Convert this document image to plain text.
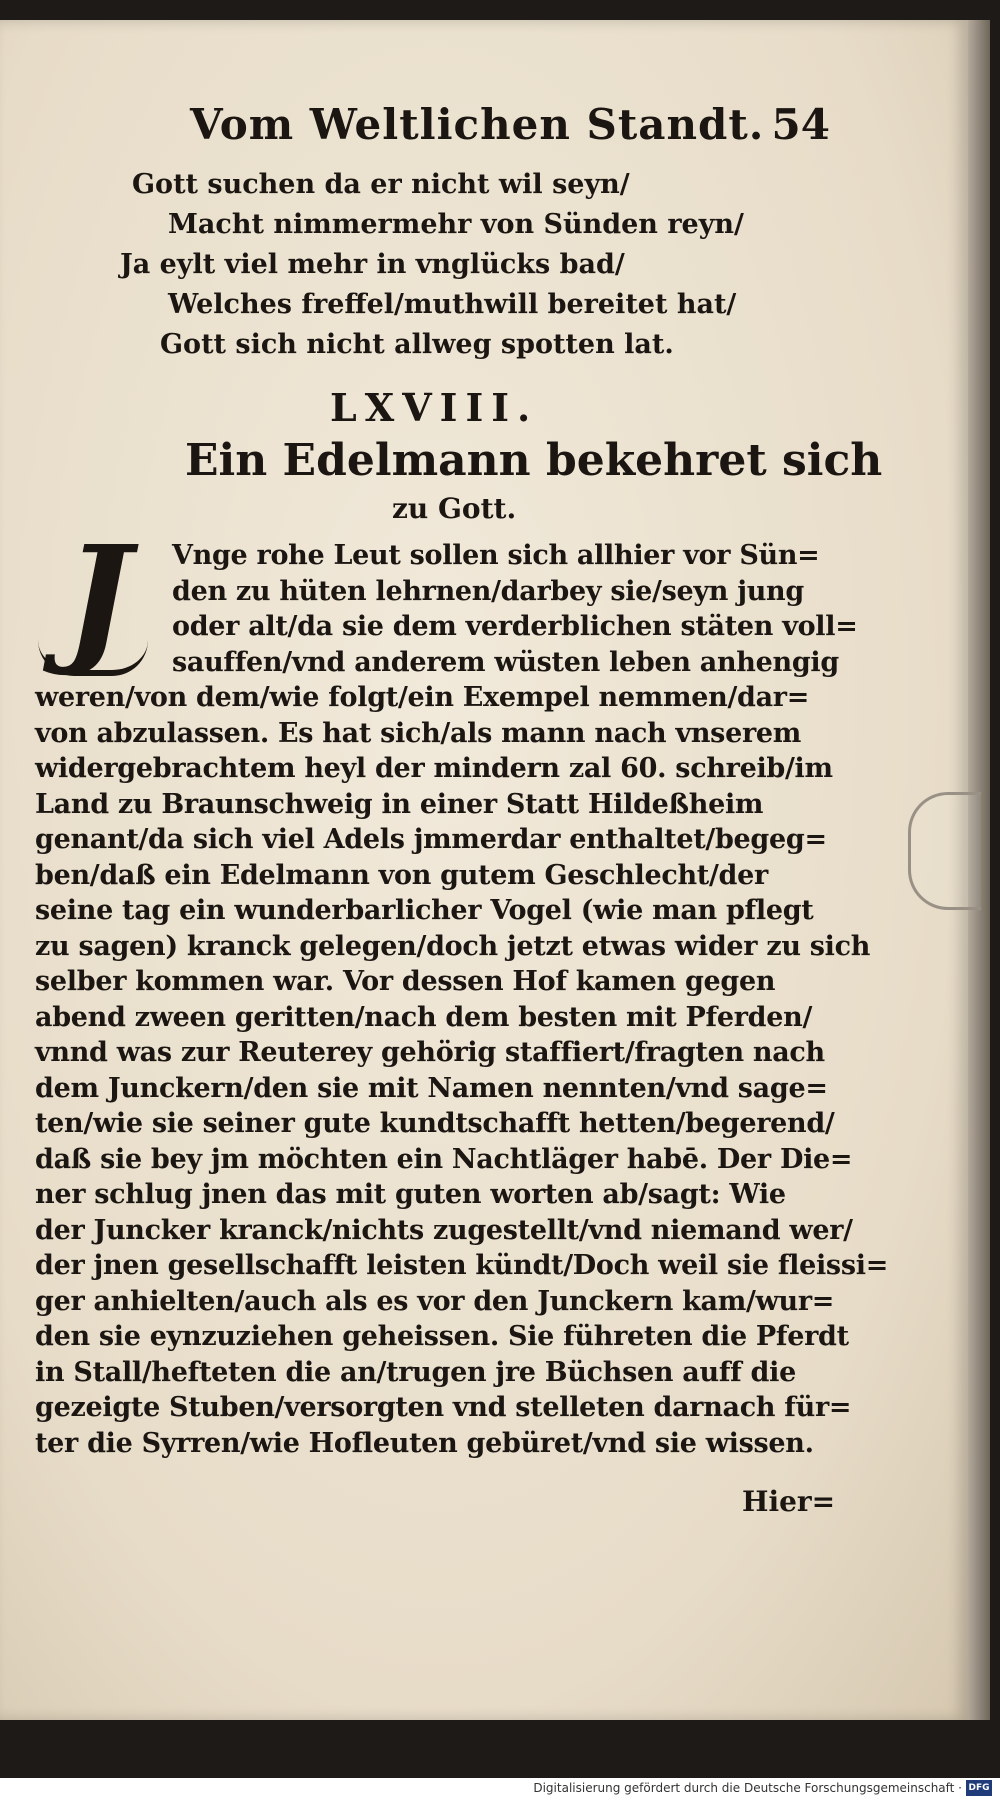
Vom Weltlichen Standt. 54
Gott suchen da er nicht wil seyn/
Macht nimmermehr von Sünden reyn/
Ja eylt viel mehr in vnglücks bad/
Welches freffel/muthwill bereitet hat/
Gott sich nicht allweg spotten lat.
LXVIII.
Ein Edelmann bekehret sich
zu Gott.
J	Vnge rohe Leut sollen sich allhier vor Sün=
den zu hüten lehrnen/darbey sie/seyn jung
oder alt/da sie dem verderblichen stäten voll=
sauffen/vnd anderem wüsten leben anhengig
weren/von dem/wie folgt/ein Exempel nemmen/dar=
von abzulassen. Es hat sich/als mann nach vnserem
widergebrachtem heyl der mindern zal 60. schreib/im
Land zu Braunschweig in einer Statt Hildeßheim
genant/da sich viel Adels jmmerdar enthaltet/begeg=
ben/daß ein Edelmann von gutem Geschlecht/der
seine tag ein wunderbarlicher Vogel (wie man pflegt
zu sagen) kranck gelegen/doch jetzt etwas wider zu sich
selber kommen war. Vor dessen Hof kamen gegen
abend zween geritten/nach dem besten mit Pferden/
vnnd was zur Reuterey gehörig staffiert/fragten nach
dem Junckern/den sie mit Namen nennten/vnd sage=
ten/wie sie seiner gute kundtschafft hetten/begerend/
daß sie bey jm möchten ein Nachtläger habē. Der Die=
ner schlug jnen das mit guten worten ab/sagt: Wie
der Juncker kranck/nichts zugestellt/vnd niemand wer/
der jnen gesellschafft leisten kündt/Doch weil sie fleissi=
ger anhielten/auch als es vor den Junckern kam/wur=
den sie eynzuziehen geheissen. Sie führeten die Pferdt
in Stall/hefteten die an/trugen jre Büchsen auff die
gezeigte Stuben/versorgten vnd stelleten darnach für=
ter die Syrren/wie Hofleuten gebüret/vnd sie wissen.
Hier=
Digitalisierung gefördert durch die Deutsche Forschungsgemeinschaft · DFG
